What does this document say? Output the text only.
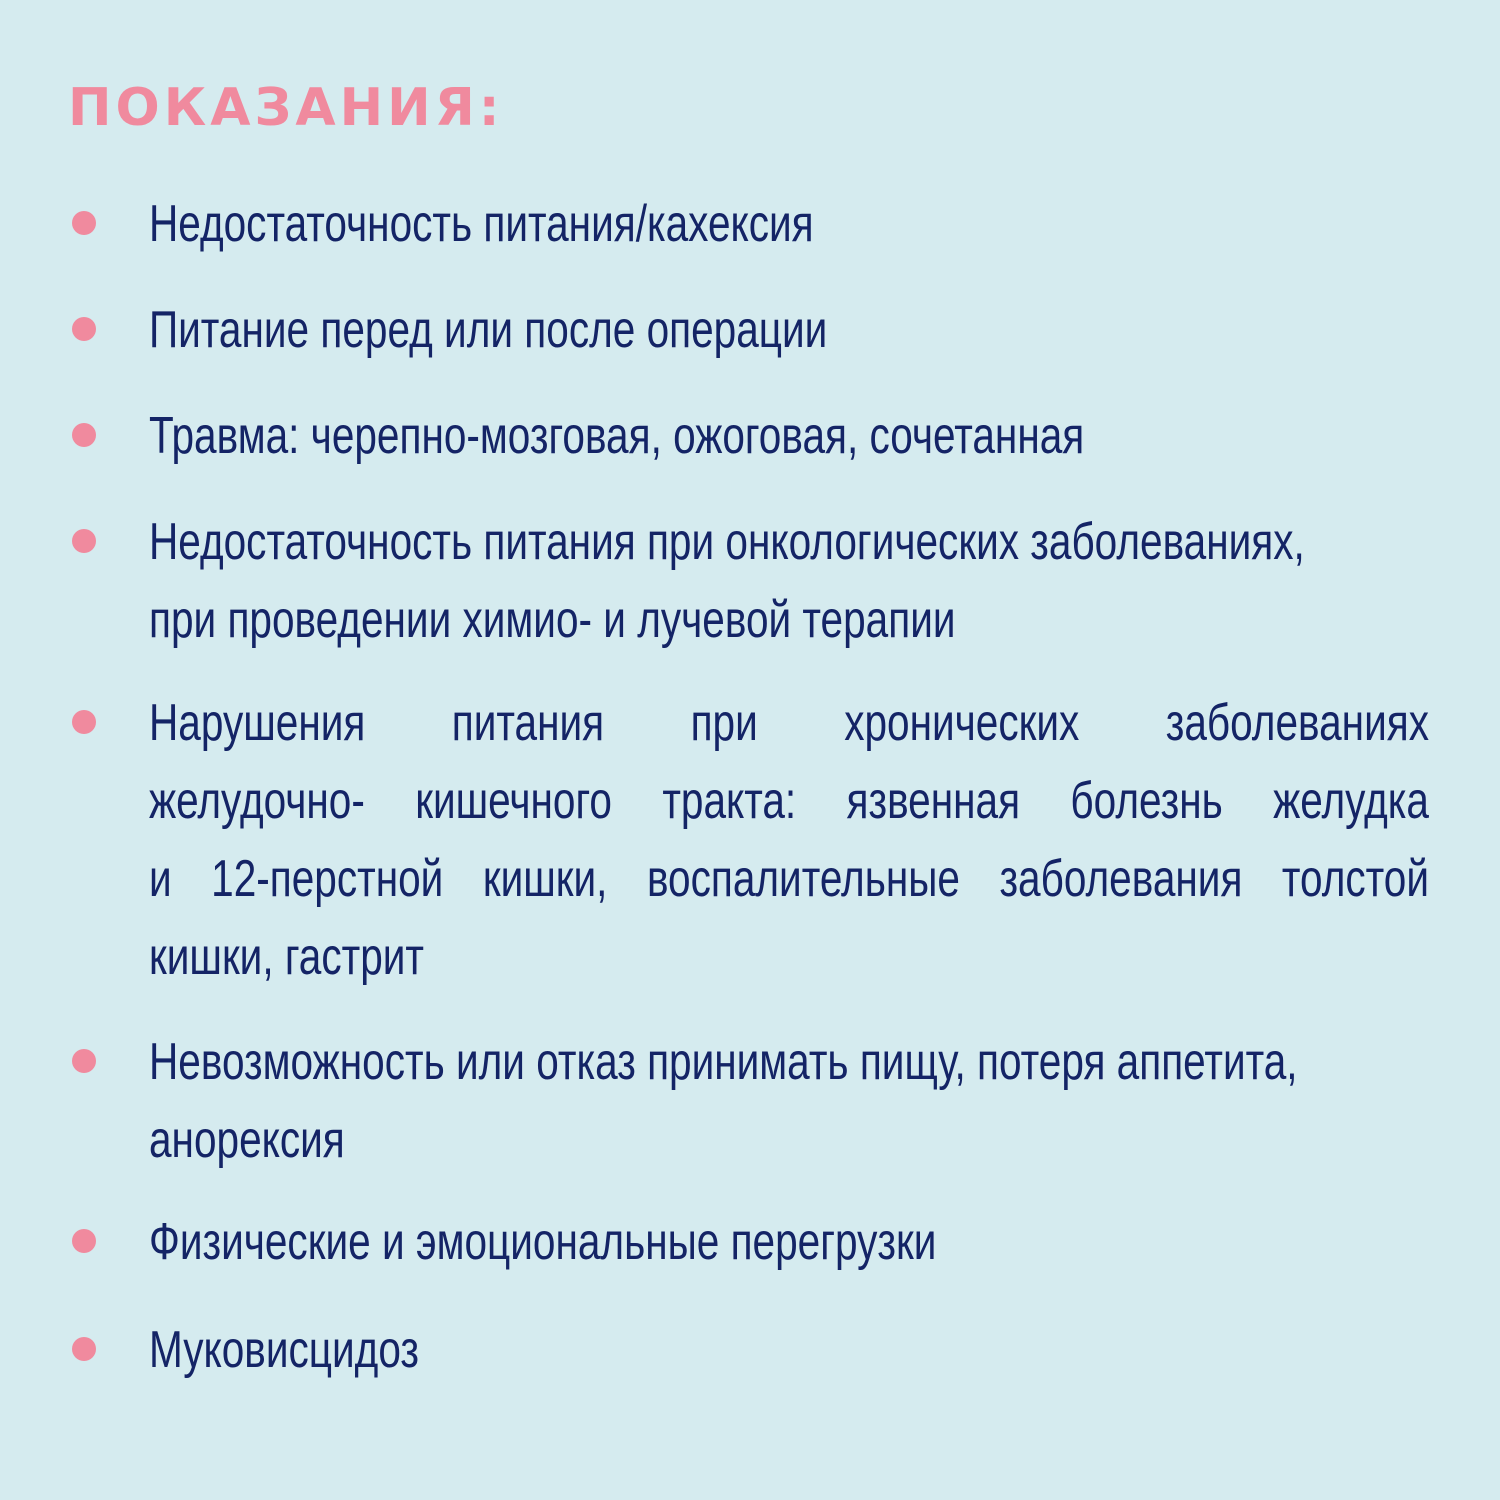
ПОКАЗАНИЯ:

Недостаточность питания/кахексия

Питание перед или после операции

Травма: черепно-мозговая, ожоговая, сочетанная

Недостаточность питания при онкологических заболеваниях,
при проведении химио- и лучевой терапии

Нарушения питания при хронических заболеваниях
желудочно- кишечного тракта: язвенная болезнь желудка
и 12-перстной кишки, воспалительные заболевания толстой
кишки, гастрит

Невозможность или отказ принимать пищу, потеря аппетита,
анорексия

Физические и эмоциональные перегрузки

Муковисцидоз
